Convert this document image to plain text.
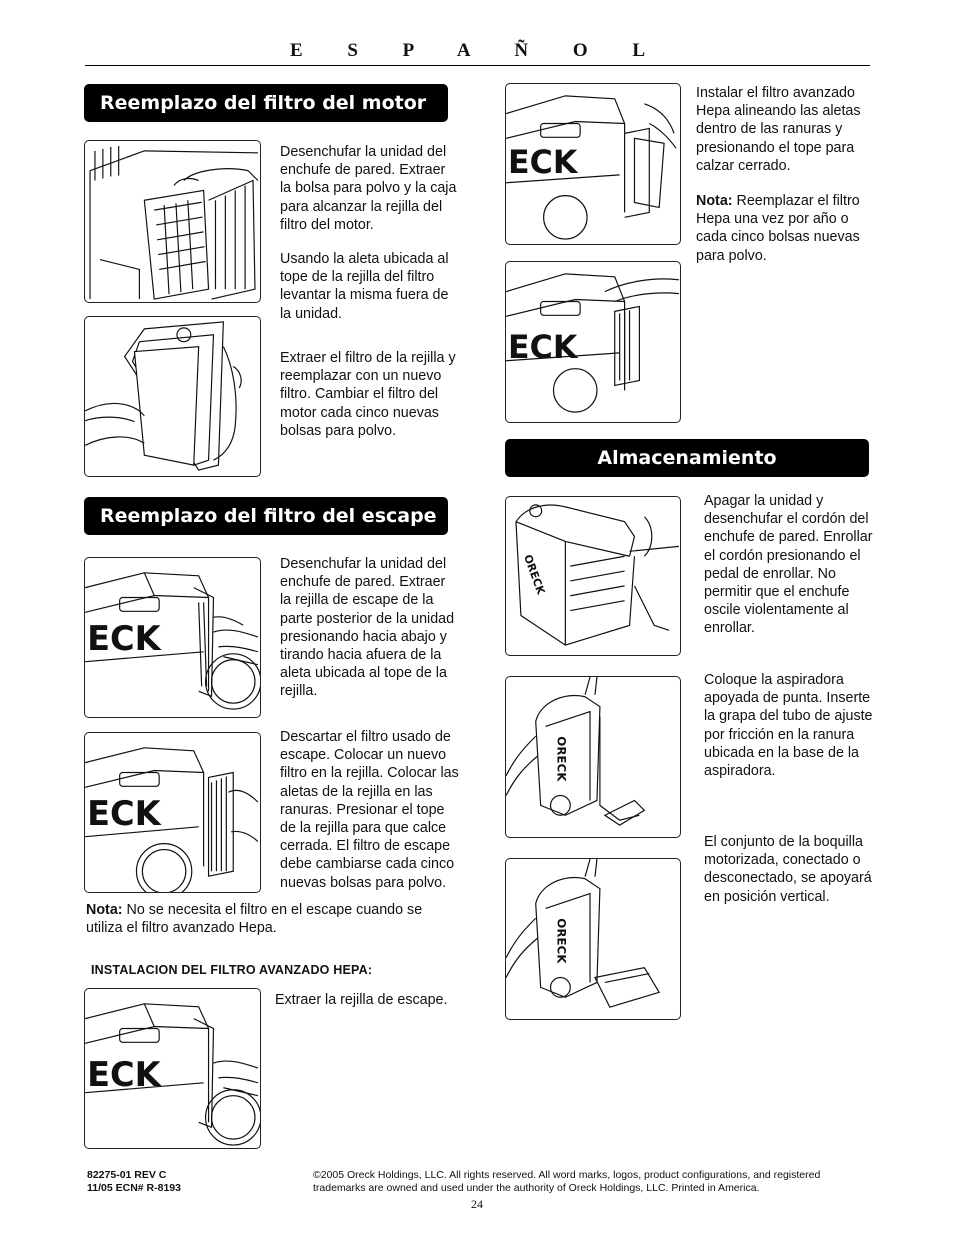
E S P A Ñ O L
Reemplazo del filtro del motor
Desenchufar la unidad del enchufe de pared. Extraer la bolsa para polvo y la caja para alcanzar la rejilla del filtro del motor.
Usando la aleta ubicada al tope de la rejilla del filtro levantar la misma fuera de la unidad.
Extraer el filtro de la rejilla y reemplazar con un nuevo filtro. Cambiar el filtro del motor cada cinco nuevas bolsas para polvo.
Reemplazo del filtro del escape
ECK
Desenchufar la unidad del enchufe de pared. Extraer la rejilla de escape de la parte posterior de la unidad presionando hacia abajo y tirando hacia afuera de la aleta ubicada al tope de la rejilla.
ECK
Descartar el filtro usado de escape. Colocar un nuevo filtro en la rejilla. Colocar las aletas de la rejilla en las ranuras. Presionar el tope de la rejilla para que calce cerrada. El filtro de escape debe cambiarse cada cinco nuevas bolsas para polvo.
Nota: No se necesita el filtro en el escape cuando se utiliza el filtro avanzado Hepa.
INSTALACION DEL FILTRO AVANZADO HEPA:
ECK
Extraer la rejilla de escape.
ECK
Instalar el filtro avanzado Hepa alineando las aletas dentro de las ranuras y presionando el tope para calzar cerrado.
Nota: Reemplazar el filtro Hepa una vez por año o cada cinco bolsas nuevas para polvo.
ECK
Almacenamiento
ORECK
Apagar la unidad y desenchufar el cordón del enchufe de pared. Enrollar el cordón presionando el pedal de enrollar. No permitir que el enchufe oscile violentamente al enrollar.
ORECK
Coloque la aspiradora apoyada de punta. Inserte la grapa del tubo de ajuste por fricción en la ranura ubicada en la base de la aspiradora.
ORECK
El conjunto de la boquilla motorizada, conectado o desconectado, se apoyará en posición vertical.
82275-01 REV C
11/05 ECN# R-8193
©2005 Oreck Holdings, LLC. All rights reserved. All word marks, logos, product configurations, and registered
trademarks are owned and used under the authority of Oreck Holdings, LLC. Printed in America.
24
